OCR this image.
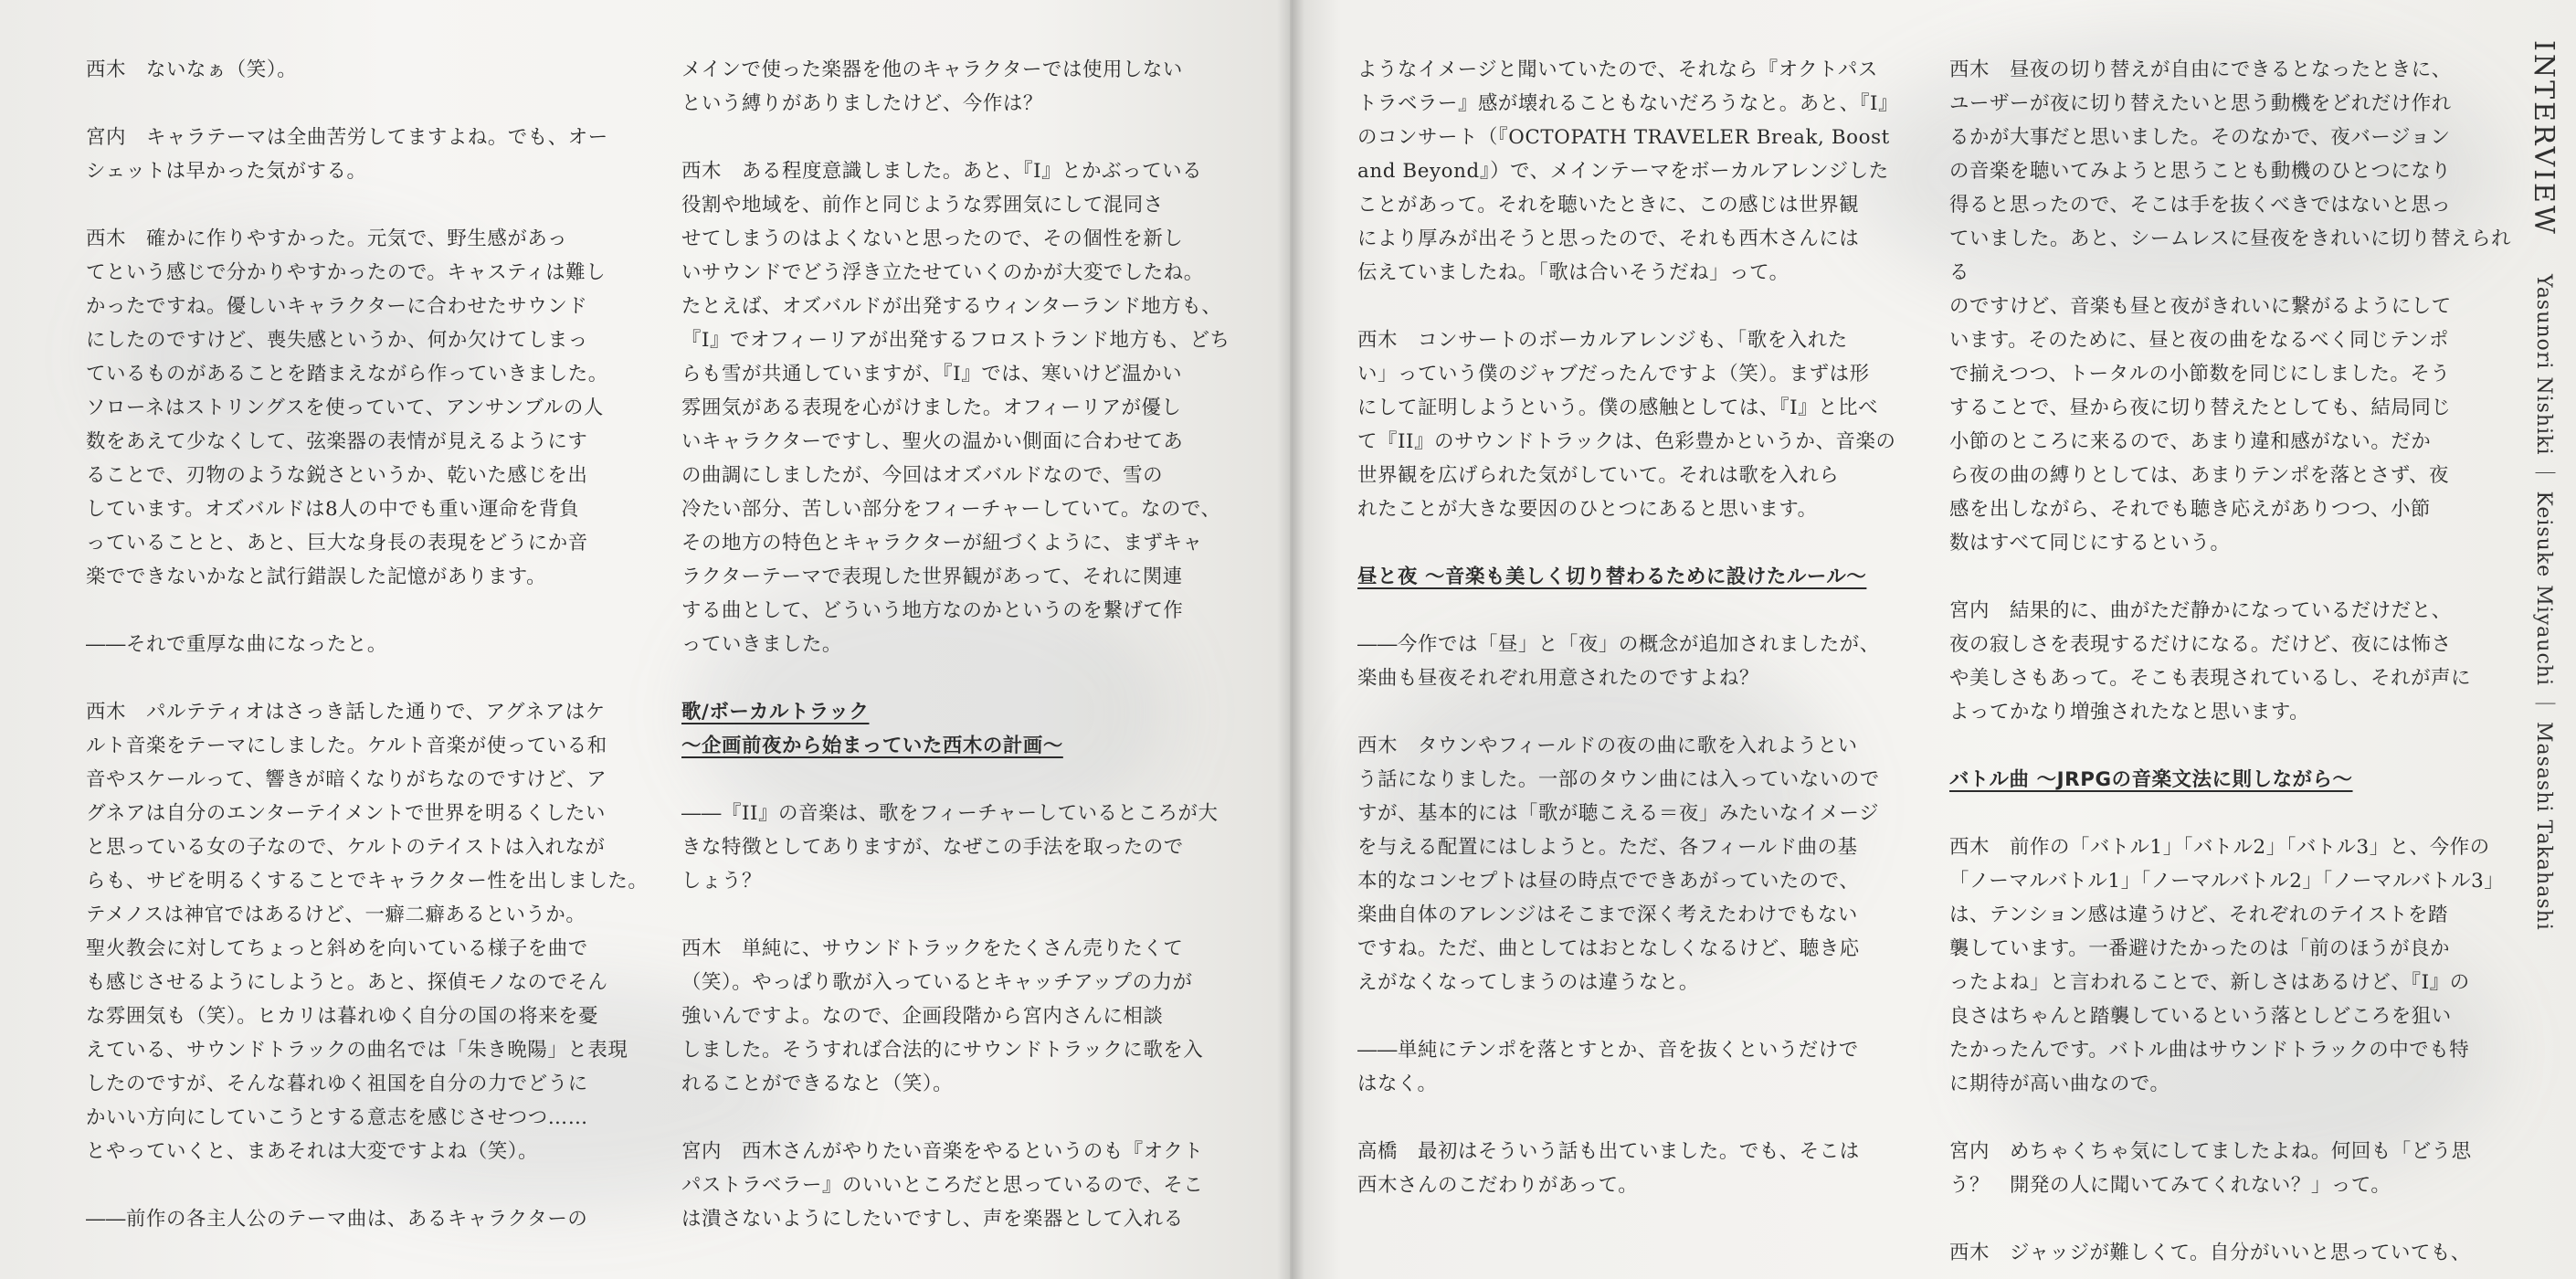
西木　ないなぁ（笑）。
宮内　キャラテーマは全曲苦労してますよね。でも、オー
シェットは早かった気がする。
西木　確かに作りやすかった。元気で、野生感があっ
てという感じで分かりやすかったので。キャスティは難し
かったですね。優しいキャラクターに合わせたサウンド
にしたのですけど、喪失感というか、何か欠けてしまっ
ているものがあることを踏まえながら作っていきました。
ソローネはストリングスを使っていて、アンサンブルの人
数をあえて少なくして、弦楽器の表情が見えるようにす
ることで、刃物のような鋭さというか、乾いた感じを出
しています。オズバルドは8人の中でも重い運命を背負
っていることと、あと、巨大な身長の表現をどうにか音
楽でできないかなと試行錯誤した記憶があります。
――それで重厚な曲になったと。
西木　パルテティオはさっき話した通りで、アグネアはケ
ルト音楽をテーマにしました。ケルト音楽が使っている和
音やスケールって、響きが暗くなりがちなのですけど、ア
グネアは自分のエンターテイメントで世界を明るくしたい
と思っている女の子なので、ケルトのテイストは入れなが
らも、サビを明るくすることでキャラクター性を出しました。
テメノスは神官ではあるけど、一癖二癖あるというか。
聖火教会に対してちょっと斜めを向いている様子を曲で
も感じさせるようにしようと。あと、探偵モノなのでそん
な雰囲気も（笑）。ヒカリは暮れゆく自分の国の将来を憂
えている、サウンドトラックの曲名では「朱き晩陽」と表現
したのですが、そんな暮れゆく祖国を自分の力でどうに
かいい方向にしていこうとする意志を感じさせつつ……
とやっていくと、まあそれは大変ですよね（笑）。
――前作の各主人公のテーマ曲は、あるキャラクターの
メインで使った楽器を他のキャラクターでは使用しない
という縛りがありましたけど、今作は？
西木　ある程度意識しました。あと、『I』とかぶっている
役割や地域を、前作と同じような雰囲気にして混同さ
せてしまうのはよくないと思ったので、その個性を新し
いサウンドでどう浮き立たせていくのかが大変でしたね。
たとえば、オズバルドが出発するウィンターランド地方も、
『I』でオフィーリアが出発するフロストランド地方も、どち
らも雪が共通していますが、『I』では、寒いけど温かい
雰囲気がある表現を心がけました。オフィーリアが優し
いキャラクターですし、聖火の温かい側面に合わせてあ
の曲調にしましたが、今回はオズバルドなので、雪の
冷たい部分、苦しい部分をフィーチャーしていて。なので、
その地方の特色とキャラクターが紐づくように、まずキャ
ラクターテーマで表現した世界観があって、それに関連
する曲として、どういう地方なのかというのを繋げて作
っていきました。
歌/ボーカルトラック
～企画前夜から始まっていた西木の計画～
――『II』の音楽は、歌をフィーチャーしているところが大
きな特徴としてありますが、なぜこの手法を取ったので
しょう？
西木　単純に、サウンドトラックをたくさん売りたくて
（笑）。やっぱり歌が入っているとキャッチアップの力が
強いんですよ。なので、企画段階から宮内さんに相談
しました。そうすれば合法的にサウンドトラックに歌を入
れることができるなと（笑）。
宮内　西木さんがやりたい音楽をやるというのも『オクト
パストラベラー』のいいところだと思っているので、そこ
は潰さないようにしたいですし、声を楽器として入れる
ようなイメージと聞いていたので、それなら『オクトパス
トラベラー』感が壊れることもないだろうなと。あと、『I』
のコンサート（『OCTOPATH TRAVELER Break, Boost
and Beyond』）で、メインテーマをボーカルアレンジした
ことがあって。それを聴いたときに、この感じは世界観
により厚みが出そうと思ったので、それも西木さんには
伝えていましたね。「歌は合いそうだね」って。
西木　コンサートのボーカルアレンジも、「歌を入れた
い」っていう僕のジャブだったんですよ（笑）。まずは形
にして証明しようという。僕の感触としては、『I』と比べ
て『II』のサウンドトラックは、色彩豊かというか、音楽の
世界観を広げられた気がしていて。それは歌を入れら
れたことが大きな要因のひとつにあると思います。
昼と夜 ～音楽も美しく切り替わるために設けたルール～
――今作では「昼」と「夜」の概念が追加されましたが、
楽曲も昼夜それぞれ用意されたのですよね？
西木　タウンやフィールドの夜の曲に歌を入れようとい
う話になりました。一部のタウン曲には入っていないので
すが、基本的には「歌が聴こえる＝夜」みたいなイメージ
を与える配置にはしようと。ただ、各フィールド曲の基
本的なコンセプトは昼の時点でできあがっていたので、
楽曲自体のアレンジはそこまで深く考えたわけでもない
ですね。ただ、曲としてはおとなしくなるけど、聴き応
えがなくなってしまうのは違うなと。
――単純にテンポを落とすとか、音を抜くというだけで
はなく。
高橋　最初はそういう話も出ていました。でも、そこは
西木さんのこだわりがあって。
西木　昼夜の切り替えが自由にできるとなったときに、
ユーザーが夜に切り替えたいと思う動機をどれだけ作れ
るかが大事だと思いました。そのなかで、夜バージョン
の音楽を聴いてみようと思うことも動機のひとつになり
得ると思ったので、そこは手を抜くべきではないと思っ
ていました。あと、シームレスに昼夜をきれいに切り替えられる
のですけど、音楽も昼と夜がきれいに繋がるようにして
います。そのために、昼と夜の曲をなるべく同じテンポ
で揃えつつ、トータルの小節数を同じにしました。そう
することで、昼から夜に切り替えたとしても、結局同じ
小節のところに来るので、あまり違和感がない。だか
ら夜の曲の縛りとしては、あまりテンポを落とさず、夜
感を出しながら、それでも聴き応えがありつつ、小節
数はすべて同じにするという。
宮内　結果的に、曲がただ静かになっているだけだと、
夜の寂しさを表現するだけになる。だけど、夜には怖さ
や美しさもあって。そこも表現されているし、それが声に
よってかなり増強されたなと思います。
バトル曲 ～JRPGの音楽文法に則しながら～
西木　前作の「バトル1」「バトル2」「バトル3」と、今作の
「ノーマルバトル1」「ノーマルバトル2」「ノーマルバトル3」
は、テンション感は違うけど、それぞれのテイストを踏
襲しています。一番避けたかったのは「前のほうが良か
ったよね」と言われることで、新しさはあるけど、『I』の
良さはちゃんと踏襲しているという落としどころを狙い
たかったんです。バトル曲はサウンドトラックの中でも特
に期待が高い曲なので。
宮内　めちゃくちゃ気にしてましたよね。何回も「どう思
う？　開発の人に聞いてみてくれない？」って。
西木　ジャッジが難しくて。自分がいいと思っていても、
INTERVIEW Yasunori Nishiki ｜ Keisuke Miyauchi ｜ Masashi Takahashi
